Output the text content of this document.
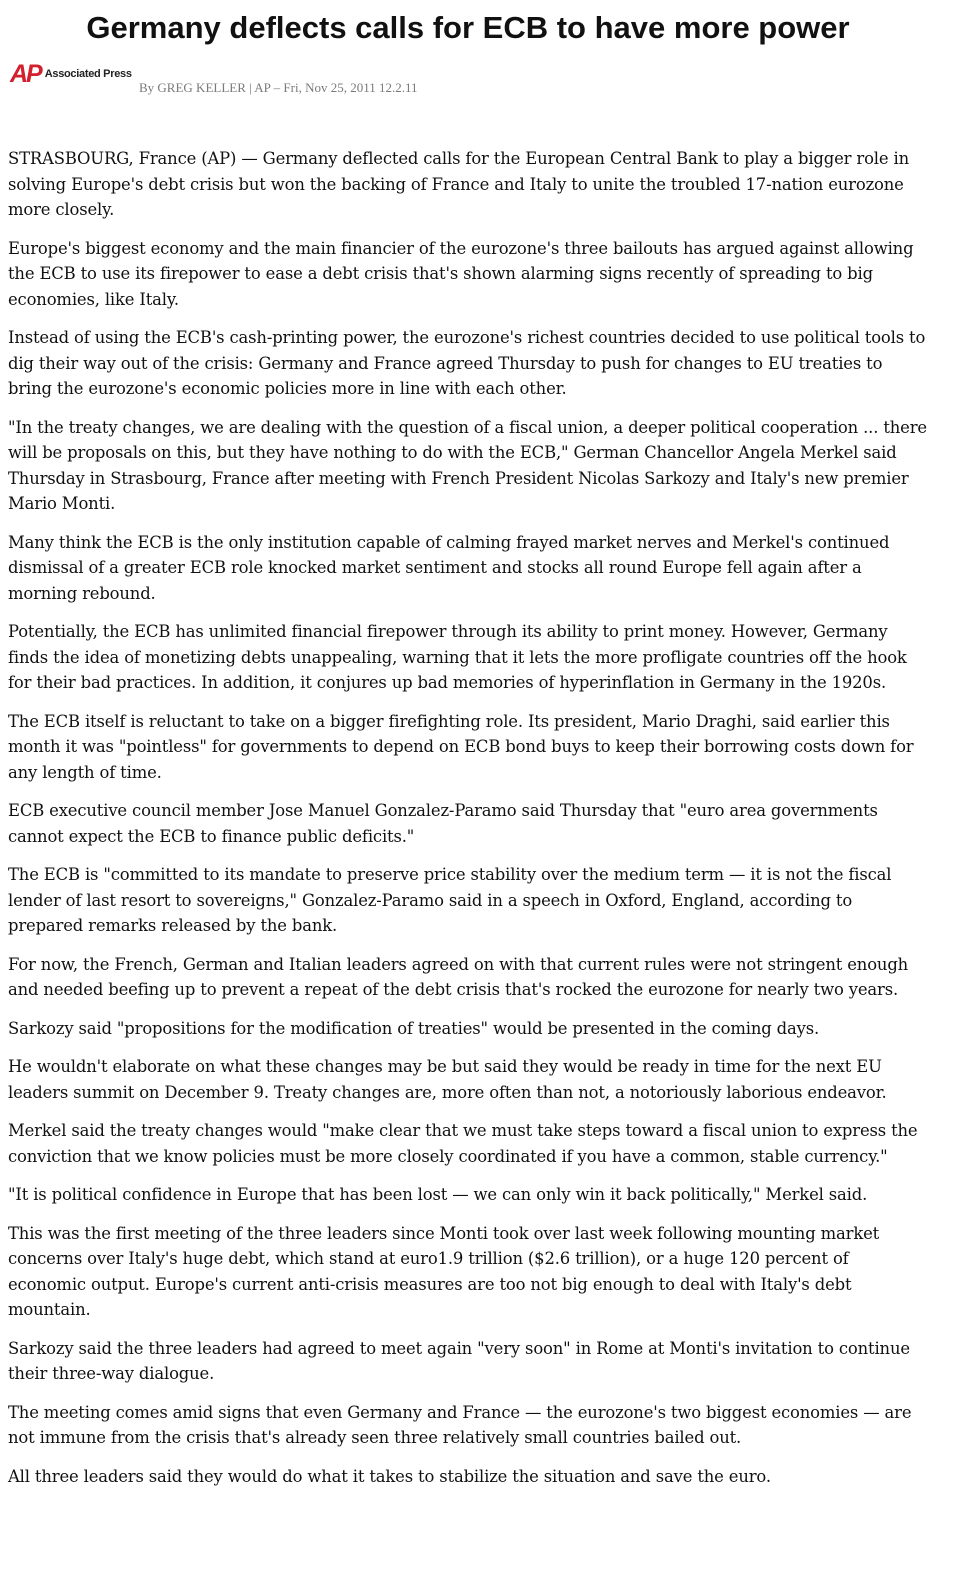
Germany deflects calls for ECB to have more power
AP Associated Press
By GREG KELLER | AP – Fri, Nov 25, 2011 12.2.11

STRASBOURG, France (AP) — Germany deflected calls for the European Central Bank to play a bigger role in solving Europe's debt crisis but won the backing of France and Italy to unite the troubled 17-nation eurozone more closely.

Europe's biggest economy and the main financier of the eurozone's three bailouts has argued against allowing the ECB to use its firepower to ease a debt crisis that's shown alarming signs recently of spreading to big economies, like Italy.

Instead of using the ECB's cash-printing power, the eurozone's richest countries decided to use political tools to dig their way out of the crisis: Germany and France agreed Thursday to push for changes to EU treaties to bring the eurozone's economic policies more in line with each other.

"In the treaty changes, we are dealing with the question of a fiscal union, a deeper political cooperation ... there will be proposals on this, but they have nothing to do with the ECB," German Chancellor Angela Merkel said Thursday in Strasbourg, France after meeting with French President Nicolas Sarkozy and Italy's new premier Mario Monti.

Many think the ECB is the only institution capable of calming frayed market nerves and Merkel's continued dismissal of a greater ECB role knocked market sentiment and stocks all round Europe fell again after a morning rebound.

Potentially, the ECB has unlimited financial firepower through its ability to print money. However, Germany finds the idea of monetizing debts unappealing, warning that it lets the more profligate countries off the hook for their bad practices. In addition, it conjures up bad memories of hyperinflation in Germany in the 1920s.

The ECB itself is reluctant to take on a bigger firefighting role. Its president, Mario Draghi, said earlier this month it was "pointless" for governments to depend on ECB bond buys to keep their borrowing costs down for any length of time.

ECB executive council member Jose Manuel Gonzalez-Paramo said Thursday that "euro area governments cannot expect the ECB to finance public deficits."

The ECB is "committed to its mandate to preserve price stability over the medium term — it is not the fiscal lender of last resort to sovereigns," Gonzalez-Paramo said in a speech in Oxford, England, according to prepared remarks released by the bank.

For now, the French, German and Italian leaders agreed on with that current rules were not stringent enough and needed beefing up to prevent a repeat of the debt crisis that's rocked the eurozone for nearly two years.

Sarkozy said "propositions for the modification of treaties" would be presented in the coming days.

He wouldn't elaborate on what these changes may be but said they would be ready in time for the next EU leaders summit on December 9. Treaty changes are, more often than not, a notoriously laborious endeavor.

Merkel said the treaty changes would "make clear that we must take steps toward a fiscal union to express the conviction that we know policies must be more closely coordinated if you have a common, stable currency."

"It is political confidence in Europe that has been lost — we can only win it back politically," Merkel said.

This was the first meeting of the three leaders since Monti took over last week following mounting market concerns over Italy's huge debt, which stand at euro1.9 trillion ($2.6 trillion), or a huge 120 percent of economic output. Europe's current anti-crisis measures are too not big enough to deal with Italy's debt mountain.

Sarkozy said the three leaders had agreed to meet again "very soon" in Rome at Monti's invitation to continue their three-way dialogue.

The meeting comes amid signs that even Germany and France — the eurozone's two biggest economies — are not immune from the crisis that's already seen three relatively small countries bailed out.

All three leaders said they would do what it takes to stabilize the situation and save the euro.
